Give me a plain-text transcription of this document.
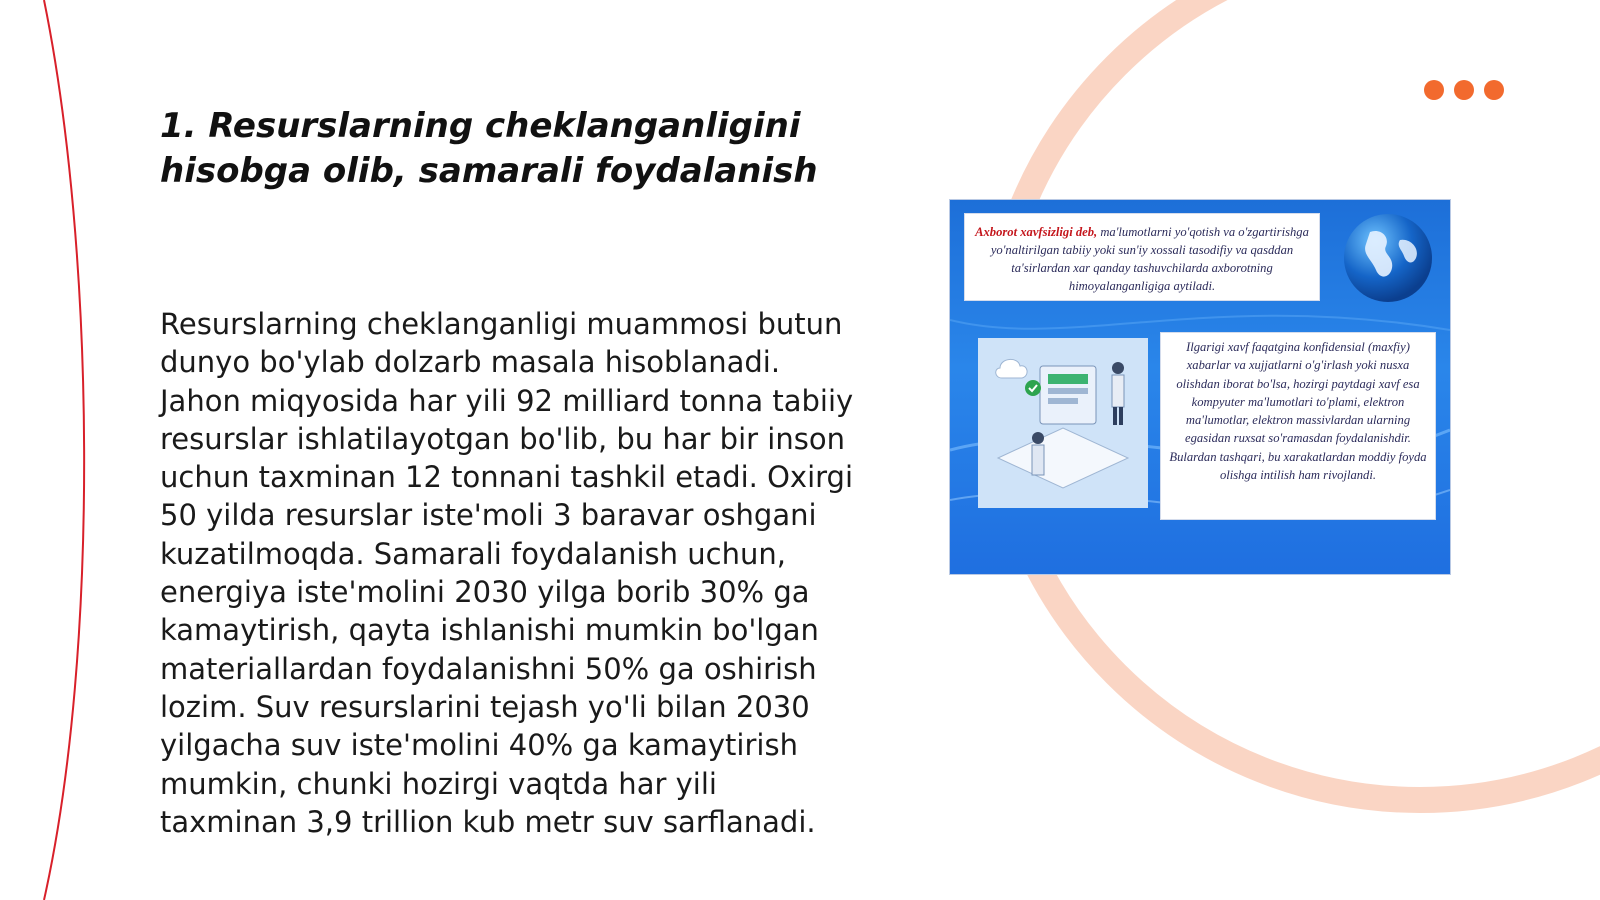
1. Resurslarning cheklanganligini hisobga olib, samarali foydalanish

Resurslarning cheklanganligi muammosi butun dunyo bo'ylab dolzarb masala hisoblanadi. Jahon miqyosida har yili 92 milliard tonna tabiiy resurslar ishlatilayotgan bo'lib, bu har bir inson uchun taxminan 12 tonnani tashkil etadi. Oxirgi 50 yilda resurslar iste'moli 3 baravar oshgani kuzatilmoqda. Samarali foydalanish uchun, energiya iste'molini 2030 yilga borib 30% ga kamaytirish, qayta ishlanishi mumkin bo'lgan materiallardan foydalanishni 50% ga oshirish lozim. Suv resurslarini tejash yo'li bilan 2030 yilgacha suv iste'molini 40% ga kamaytirish mumkin, chunki hozirgi vaqtda har yili taxminan 3,9 trillion kub metr suv sarflanadi.

Axborot xavfsizligi deb, ma'lumotlarni yo'qotish va o'zgartirishga yo'naltirilgan tabiiy yoki sun'iy xossali tasodifiy va qasddan ta'sirlardan xar qanday tashuvchilarda axborotning himoyalanganligiga aytiladi.
Ilgarigi xavf faqatgina konfidensial (maxfiy) xabarlar va xujjatlarni o'g'irlash yoki nusxa olishdan iborat bo'lsa, hozirgi paytdagi xavf esa kompyuter ma'lumotlari to'plami, elektron ma'lumotlar, elektron massivlardan ularning egasidan ruxsat so'ramasdan foydalanishdir. Bulardan tashqari, bu xarakatlardan moddiy foyda olishga intilish ham rivojlandi.
